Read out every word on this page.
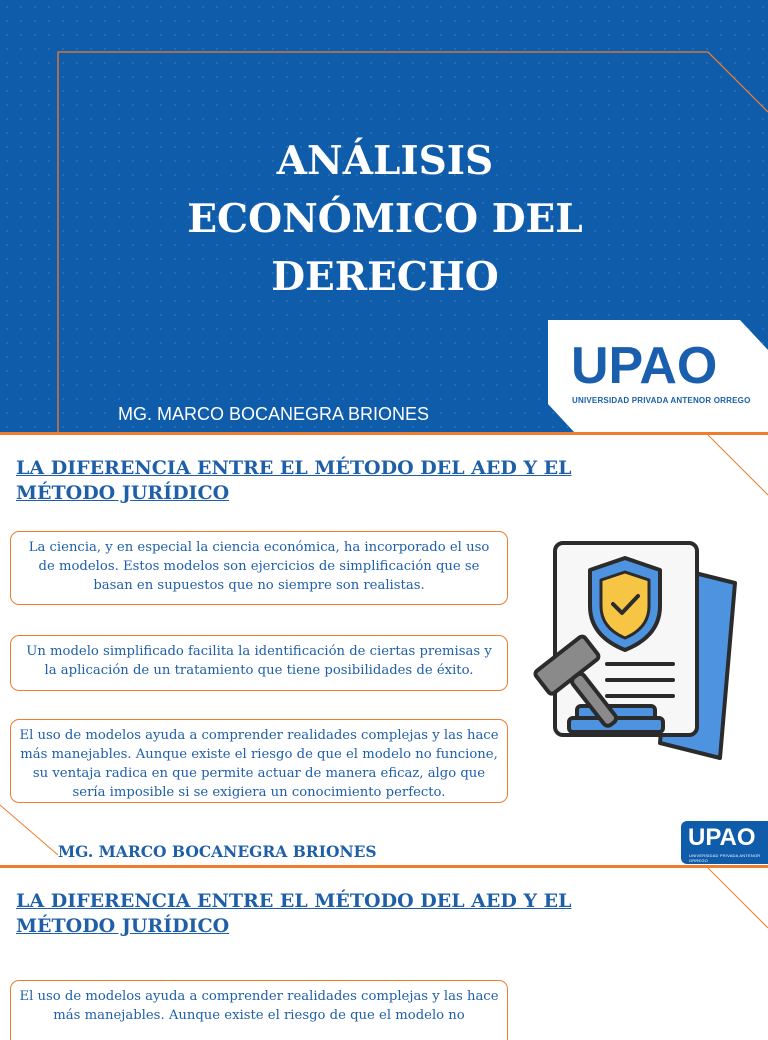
ANÁLISIS
ECONÓMICO DEL
DERECHO
MG. MARCO BOCANEGRA BRIONES
UPAO
UNIVERSIDAD PRIVADA ANTENOR ORREGO
LA DIFERENCIA ENTRE EL MÉTODO DEL AED Y EL MÉTODO JURÍDICO
La ciencia, y en especial la ciencia económica, ha incorporado el uso de modelos. Estos modelos son ejercicios de simplificación que se basan en supuestos que no siempre son realistas.
Un modelo simplificado facilita la identificación de ciertas premisas y la aplicación de un tratamiento que tiene posibilidades de éxito.
El uso de modelos ayuda a comprender realidades complejas y las hace más manejables. Aunque existe el riesgo de que el modelo no funcione, su ventaja radica en que permite actuar de manera eficaz, algo que sería imposible si se exigiera un conocimiento perfecto.
MG. MARCO BOCANEGRA BRIONES
UPAO
UNIVERSIDAD PRIVADA ANTENOR ORREGO
LA DIFERENCIA ENTRE EL MÉTODO DEL AED Y EL MÉTODO JURÍDICO
El uso de modelos ayuda a comprender realidades complejas y las hace más manejables. Aunque existe el riesgo de que el modelo no
